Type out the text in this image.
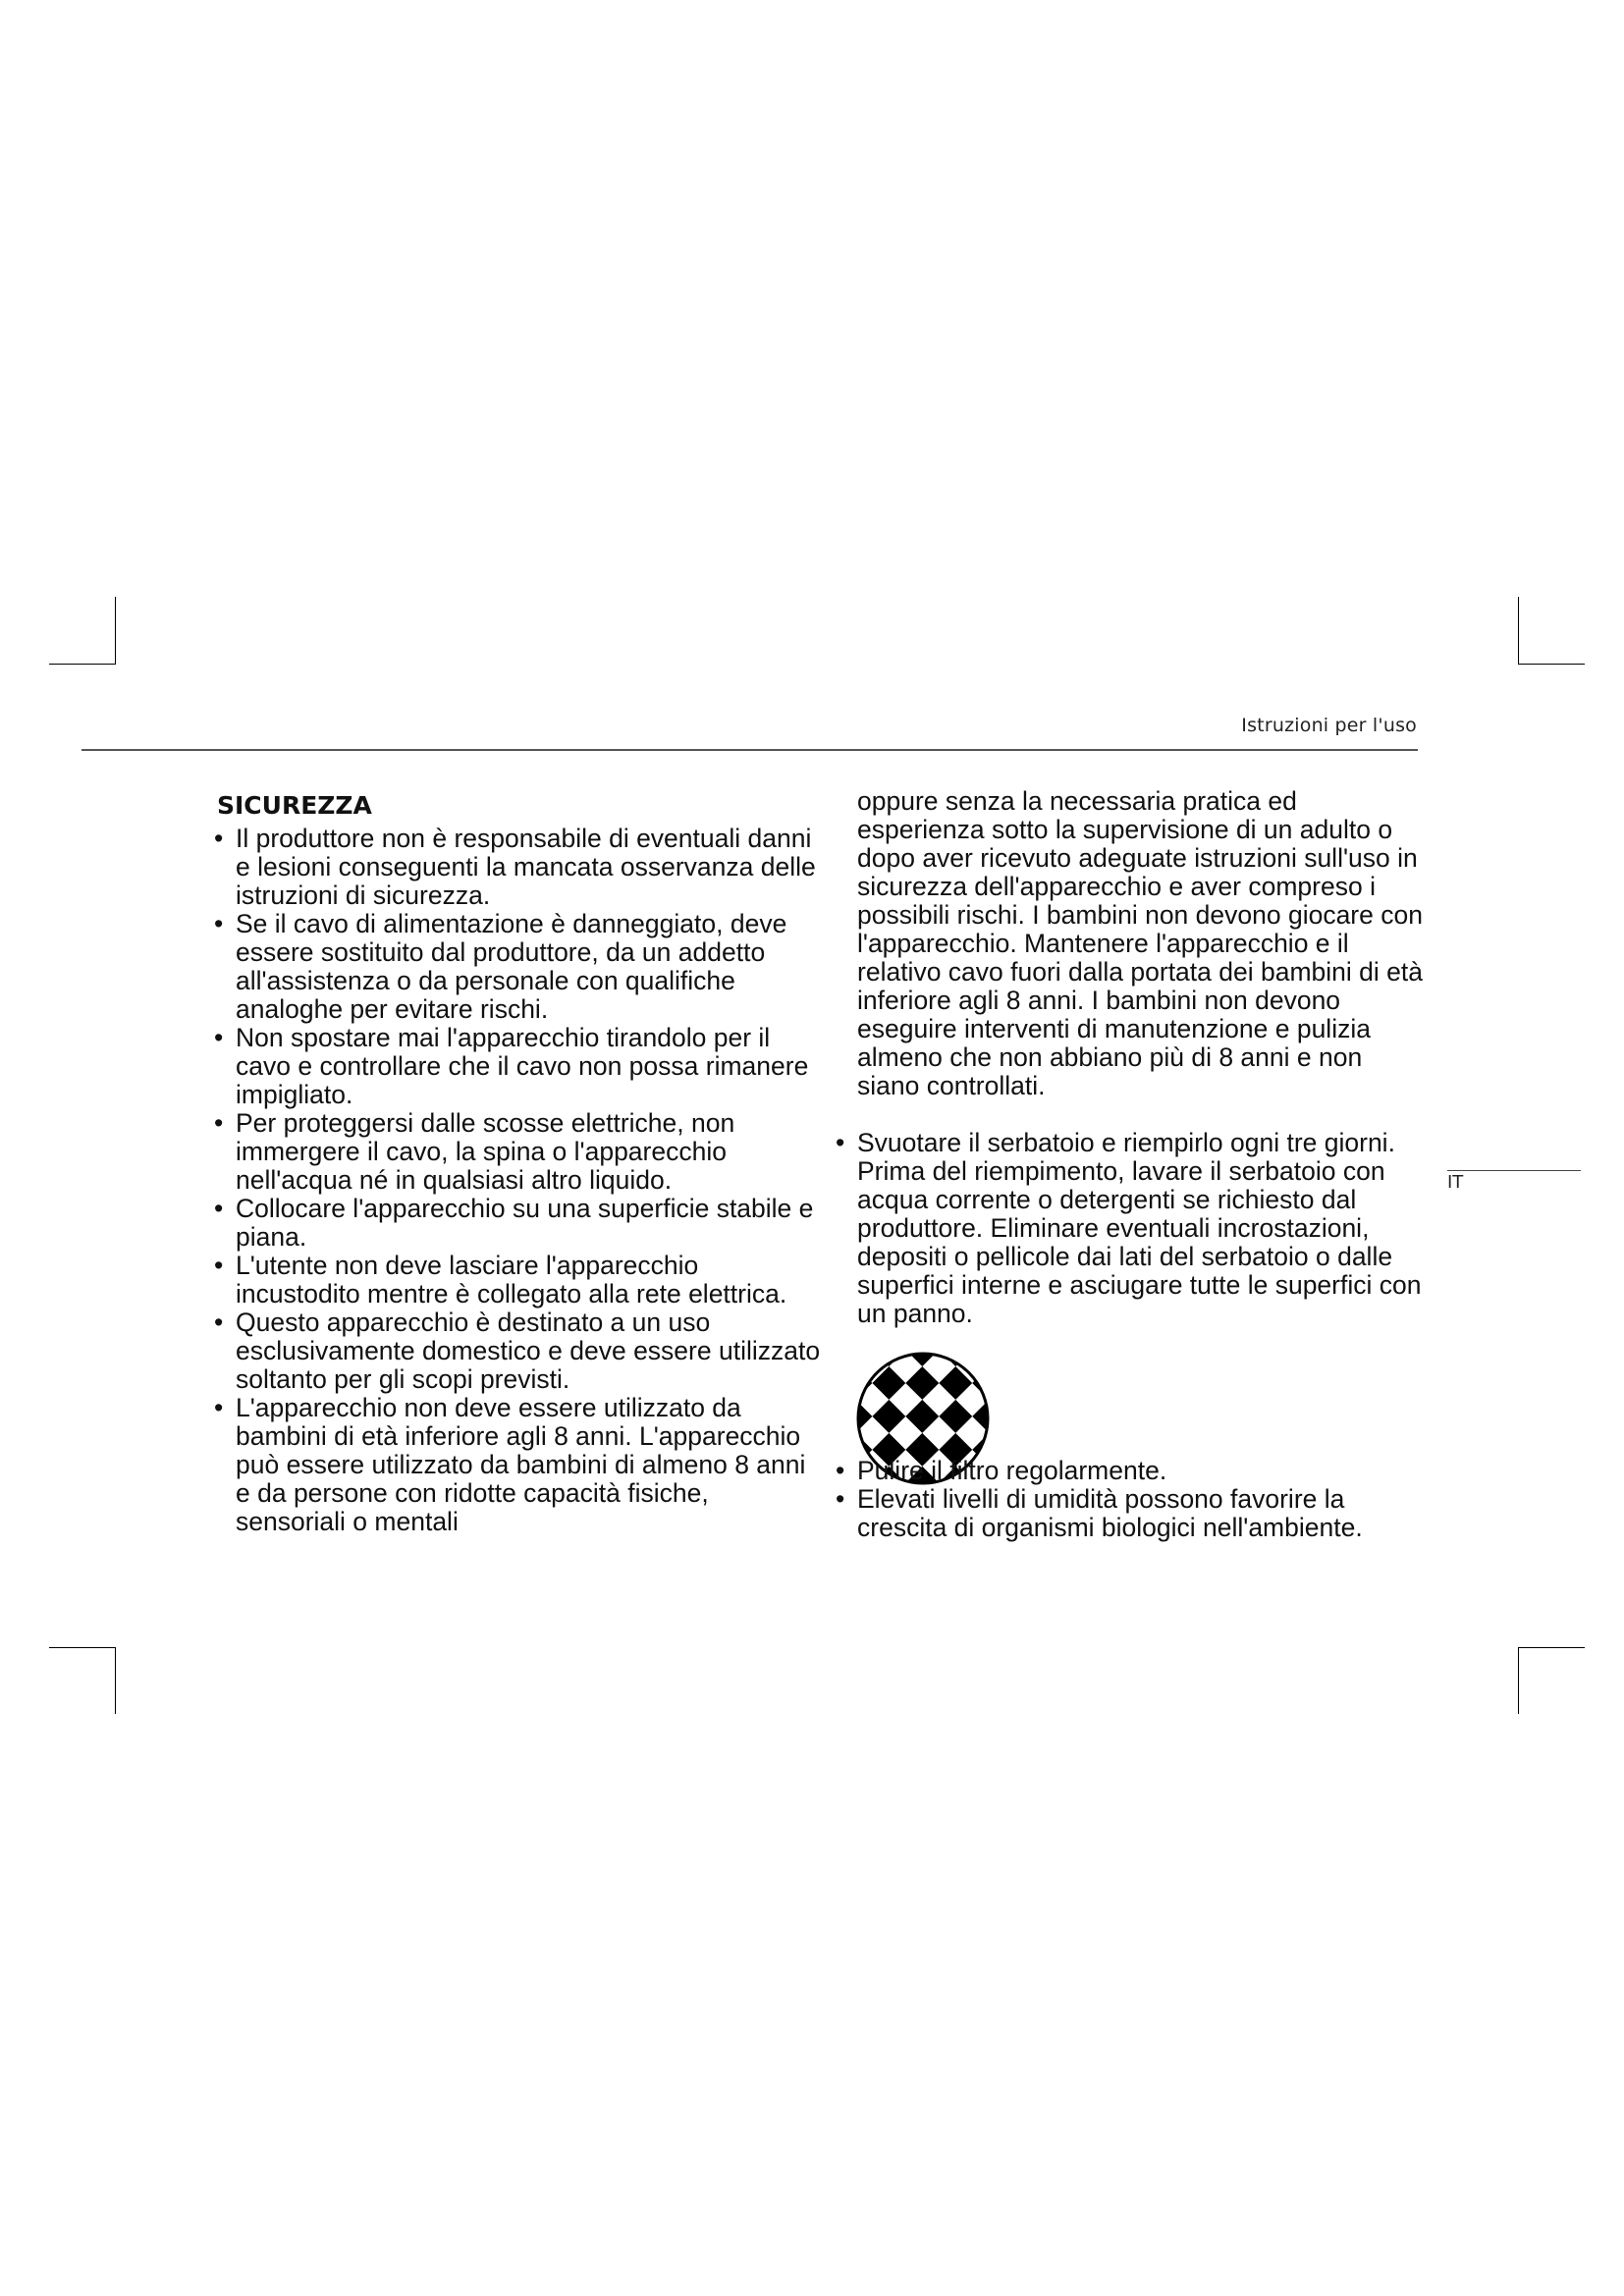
Istruzioni per l'uso
IT
SICUREZZA
• Il produttore non è responsabile di eventuali danni e lesioni conseguenti la mancata osservanza delle istruzioni di sicurezza.
• Se il cavo di alimentazione è danneggiato, deve essere sostituito dal produttore, da un addetto all'assistenza o da personale con qualifiche analoghe per evitare rischi.
• Non spostare mai l'apparecchio tirandolo per il cavo e controllare che il cavo non possa rimanere impigliato.
• Per proteggersi dalle scosse elettriche, non immergere il cavo, la spina o l'apparecchio nell'acqua né in qualsiasi altro liquido.
• Collocare l'apparecchio su una superficie stabile e piana.
• L'utente non deve lasciare l'apparecchio incustodito mentre è collegato alla rete elettrica.
• Questo apparecchio è destinato a un uso esclusivamente domestico e deve essere utilizzato soltanto per gli scopi previsti.
• L'apparecchio non deve essere utilizzato da bambini di età inferiore agli 8 anni. L'apparecchio può essere utilizzato da bambini di almeno 8 anni e da persone con ridotte capacità fisiche, sensoriali o mentali
oppure senza la necessaria pratica ed esperienza sotto la supervisione di un adulto o dopo aver ricevuto adeguate istruzioni sull'uso in sicurezza dell'apparecchio e aver compreso i possibili rischi. I bambini non devono giocare con l'apparecchio. Mantenere l'apparecchio e il relativo cavo fuori dalla portata dei bambini di età inferiore agli 8 anni. I bambini non devono eseguire interventi di manutenzione e pulizia almeno che non abbiano più di 8 anni e non siano controllati.
• Svuotare il serbatoio e riempirlo ogni tre giorni. Prima del riempimento, lavare il serbatoio con acqua corrente o detergenti se richiesto dal produttore. Eliminare eventuali incrostazioni, depositi o pellicole dai lati del serbatoio o dalle superfici interne e asciugare tutte le superfici con un panno.
• Pulire il filtro regolarmente.
• Elevati livelli di umidità possono favorire la crescita di organismi biologici nell'ambiente.
